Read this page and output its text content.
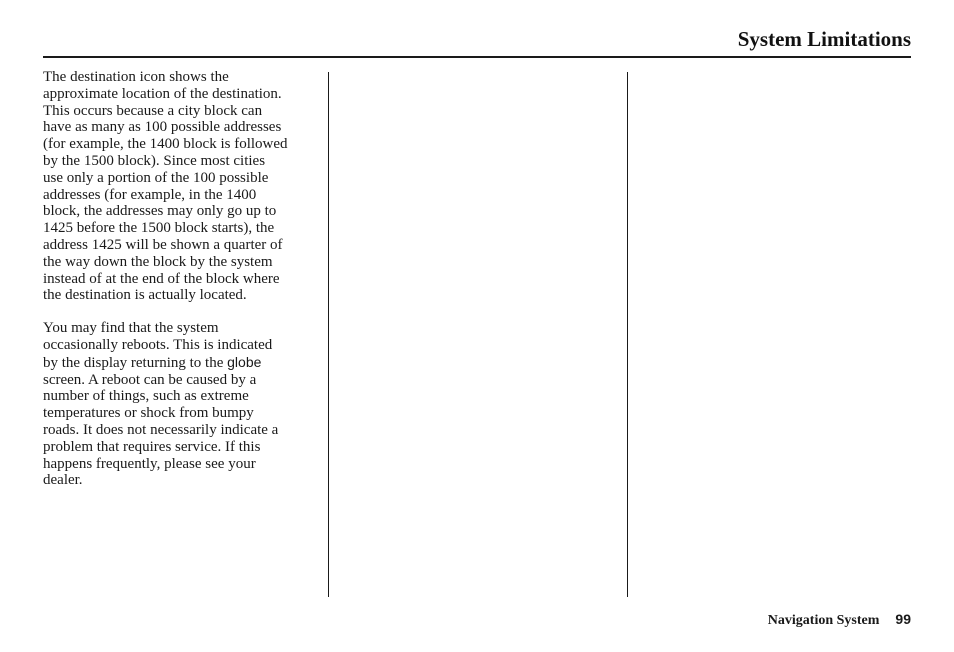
System Limitations

The destination icon shows the
approximate location of the destination.
This occurs because a city block can
have as many as 100 possible addresses
(for example, the 1400 block is followed
by the 1500 block). Since most cities
use only a portion of the 100 possible
addresses (for example, in the 1400
block, the addresses may only go up to
1425 before the 1500 block starts), the
address 1425 will be shown a quarter of
the way down the block by the system
instead of at the end of the block where
the destination is actually located.

You may find that the system
occasionally reboots. This is indicated
by the display returning to the globe
screen. A reboot can be caused by a
number of things, such as extreme
temperatures or shock from bumpy
roads. It does not necessarily indicate a
problem that requires service. If this
happens frequently, please see your
dealer.

Navigation System 99
